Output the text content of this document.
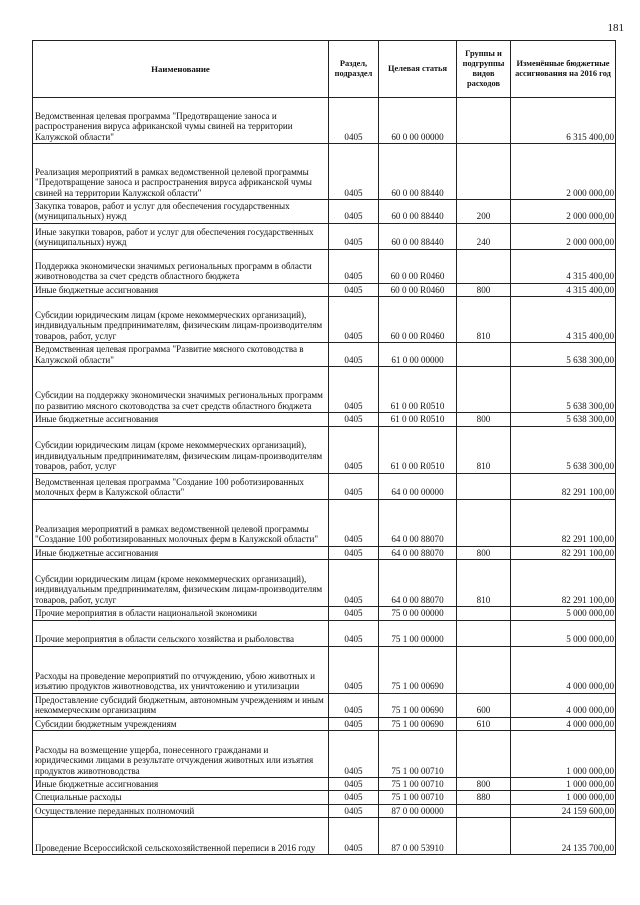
181
Наименование	Раздел, подраздел	Целевая статья	Группы и подгруппы видов расходов	Изменённые бюджетные ассигнования на 2016 год
Ведомственная целевая программа "Предотвращение заноса и распространения вируса африканской чумы свиней на территории Калужской области"	0405	60 0 00 00000		6 315 400,00
Реализация мероприятий в рамках ведомственной целевой программы "Предотвращение заноса и распространения вируса африканской чумы свиней на территории Калужской области"	0405	60 0 00 88440		2 000 000,00
Закупка товаров, работ и услуг для обеспечения государственных (муниципальных) нужд	0405	60 0 00 88440	200	2 000 000,00
Иные закупки товаров, работ и услуг для обеспечения государственных (муниципальных) нужд	0405	60 0 00 88440	240	2 000 000,00
Поддержка экономически значимых региональных программ в области животноводства за счет средств областного бюджета	0405	60 0 00 R0460		4 315 400,00
Иные бюджетные ассигнования	0405	60 0 00 R0460	800	4 315 400,00
Субсидии юридическим лицам (кроме некоммерческих организаций), индивидуальным предпринимателям, физическим лицам-производителям товаров, работ, услуг	0405	60 0 00 R0460	810	4 315 400,00
Ведомственная целевая программа "Развитие мясного скотоводства в Калужской области"	0405	61 0 00 00000		5 638 300,00
Субсидии на поддержку экономически значимых региональных программ по развитию мясного скотоводства за счет средств областного бюджета	0405	61 0 00 R0510		5 638 300,00
Иные бюджетные ассигнования	0405	61 0 00 R0510	800	5 638 300,00
Субсидии юридическим лицам (кроме некоммерческих организаций), индивидуальным предпринимателям, физическим лицам-производителям товаров, работ, услуг	0405	61 0 00 R0510	810	5 638 300,00
Ведомственная целевая программа "Создание 100 роботизированных молочных ферм в Калужской области"	0405	64 0 00 00000		82 291 100,00
Реализация мероприятий в рамках ведомственной целевой программы "Создание 100 роботизированных молочных ферм в Калужской области"	0405	64 0 00 88070		82 291 100,00
Иные бюджетные ассигнования	0405	64 0 00 88070	800	82 291 100,00
Субсидии юридическим лицам (кроме некоммерческих организаций), индивидуальным предпринимателям, физическим лицам-производителям товаров, работ, услуг	0405	64 0 00 88070	810	82 291 100,00
Прочие мероприятия в области национальной экономики	0405	75 0 00 00000		5 000 000,00
Прочие мероприятия в области сельского хозяйства и рыболовства	0405	75 1 00 00000		5 000 000,00
Расходы на проведение мероприятий по отчуждению, убою животных и изъятию продуктов животноводства, их уничтожению и утилизации	0405	75 1 00 00690		4 000 000,00
Предоставление субсидий бюджетным, автономным учреждениям и иным некоммерческим организациям	0405	75 1 00 00690	600	4 000 000,00
Субсидии бюджетным учреждениям	0405	75 1 00 00690	610	4 000 000,00
Расходы на возмещение ущерба, понесенного гражданами и юридическими лицами в результате отчуждения животных или изъятия продуктов животноводства	0405	75 1 00 00710		1 000 000,00
Иные бюджетные ассигнования	0405	75 1 00 00710	800	1 000 000,00
Специальные расходы	0405	75 1 00 00710	880	1 000 000,00
Осуществление переданных полномочий	0405	87 0 00 00000		24 159 600,00
Проведение Всероссийской сельскохозяйственной переписи в 2016 году	0405	87 0 00 53910		24 135 700,00
